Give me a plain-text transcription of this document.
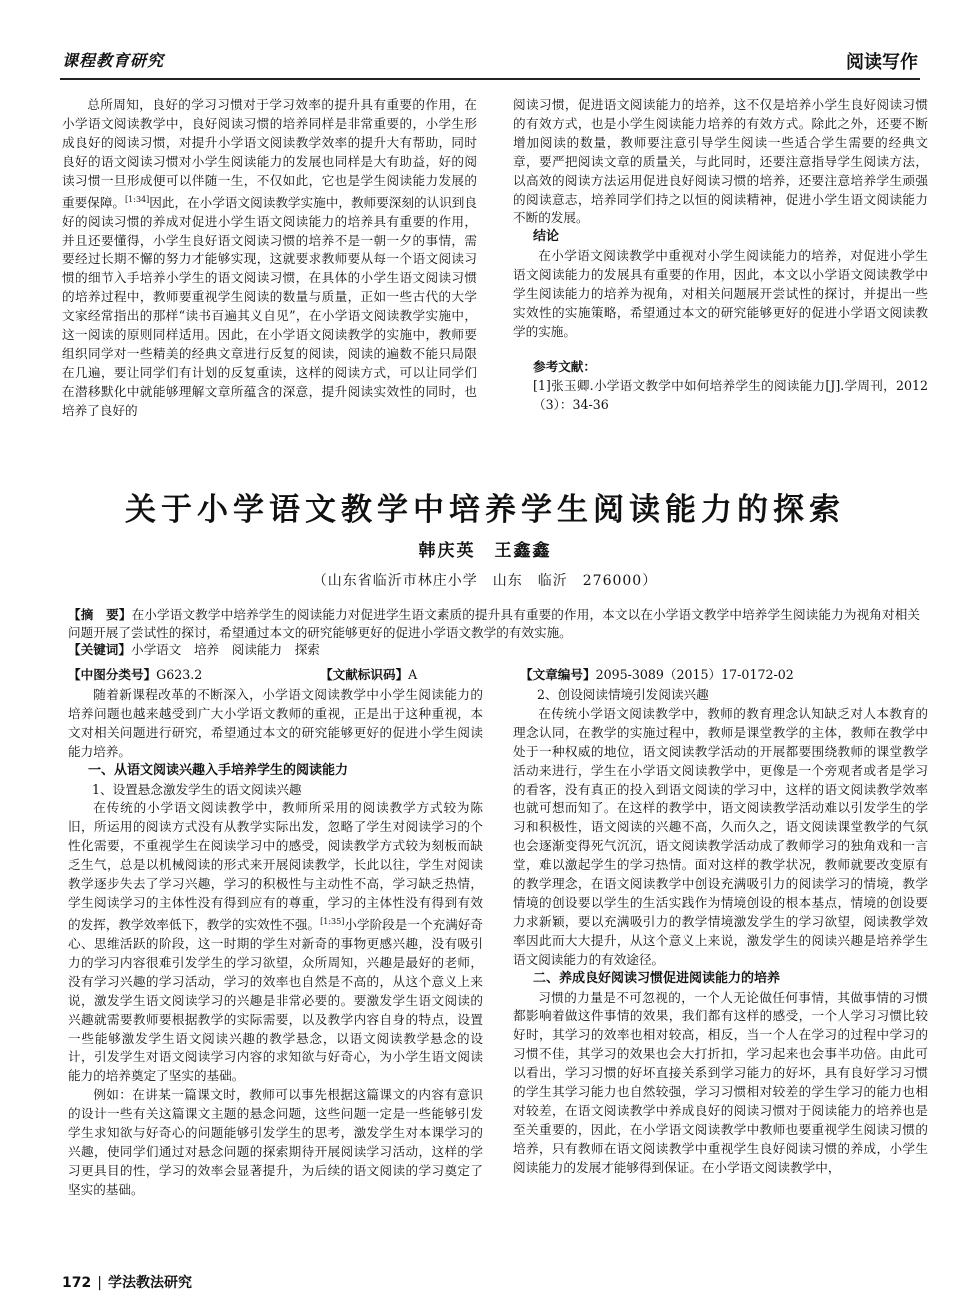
课程教育研究	阅读写作

总所周知，良好的学习习惯对于学习效率的提升具有重要的作用，在小学语文阅读教学中，良好阅读习惯的培养同样是非常重要的，小学生形成良好的阅读习惯，对提升小学语文阅读教学效率的提升大有帮助，同时良好的语文阅读习惯对小学生阅读能力的发展也同样是大有助益，好的阅读习惯一旦形成便可以伴随一生，不仅如此，它也是学生阅读能力发展的重要保障。[1:34]因此，在小学语文阅读教学实施中，教师要深刻的认识到良好的阅读习惯的养成对促进小学生语文阅读能力的培养具有重要的作用，并且还要懂得，小学生良好语文阅读习惯的培养不是一朝一夕的事情，需要经过长期不懈的努力才能够实现，这就要求教师要从每一个语文阅读习惯的细节入手培养小学生的语文阅读习惯，在具体的小学生语文阅读习惯的培养过程中，教师要重视学生阅读的数量与质量，正如一些古代的大学文家经常指出的那样“读书百遍其义自见”，在小学语文阅读教学实施中，这一阅读的原则同样适用。因此，在小学语文阅读教学的实施中，教师要组织同学对一些精美的经典文章进行反复的阅读，阅读的遍数不能只局限在几遍，要让同学们有计划的反复重读，这样的阅读方式，可以让同学们在潜移默化中就能够理解文章所蕴含的深意，提升阅读实效性的同时，也培养了良好的

阅读习惯，促进语文阅读能力的培养，这不仅是培养小学生良好阅读习惯的有效方式，也是小学生阅读能力培养的有效方式。除此之外，还要不断增加阅读的数量，教师要注意引导学生阅读一些适合学生需要的经典文章，要严把阅读文章的质量关，与此同时，还要注意指导学生阅读方法，以高效的阅读方法运用促进良好阅读习惯的培养，还要注意培养学生顽强的阅读意志，培养同学们持之以恒的阅读精神，促进小学生语文阅读能力不断的发展。

结论

在小学语文阅读教学中重视对小学生阅读能力的培养，对促进小学生语文阅读能力的发展具有重要的作用，因此，本文以小学语文阅读教学中学生阅读能力的培养为视角，对相关问题展开尝试性的探讨，并提出一些实效性的实施策略，希望通过本文的研究能够更好的促进小学语文阅读教学的实施。

参考文献：
[1]张玉卿.小学语文教学中如何培养学生的阅读能力[J].学周刊，2012（3）：34-36
关于小学语文教学中培养学生阅读能力的探索
韩庆英　王鑫鑫
（山东省临沂市林庄小学　山东　临沂　276000）

【摘　要】在小学语文教学中培养学生的阅读能力对促进学生语文素质的提升具有重要的作用，本文以在小学语文教学中培养学生阅读能力为视角对相关问题开展了尝试性的探讨，希望通过本文的研究能够更好的促进小学语文教学的有效实施。

【关键词】小学语文　培养　阅读能力　探索

【中图分类号】G623.2	【文献标识码】A	【文章编号】2095-3089（2015）17-0172-02

随着新课程改革的不断深入，小学语文阅读教学中小学生阅读能力的培养问题也越来越受到广大小学语文教师的重视，正是出于这种重视，本文对相关问题进行研究，希望通过本文的研究能够更好的促进小学生阅读能力培养。

一、从语文阅读兴趣入手培养学生的阅读能力

1、设置悬念激发学生的语文阅读兴趣

在传统的小学语文阅读教学中，教师所采用的阅读教学方式较为陈旧，所运用的阅读方式没有从教学实际出发，忽略了学生对阅读学习的个性化需要，不重视学生在阅读学习中的感受，阅读教学方式较为刻板而缺乏生气，总是以机械阅读的形式来开展阅读教学，长此以往，学生对阅读教学逐步失去了学习兴趣，学习的积极性与主动性不高，学习缺乏热情，学生阅读学习的主体性没有得到应有的尊重，学习的主体性没有得到有效的发挥，教学效率低下，教学的实效性不强。[1:35]小学阶段是一个充满好奇心、思维活跃的阶段，这一时期的学生对新奇的事物更感兴趣，没有吸引力的学习内容很难引发学生的学习欲望，众所周知，兴趣是最好的老师，没有学习兴趣的学习活动，学习的效率也自然是不高的，从这个意义上来说，激发学生语文阅读学习的兴趣是非常必要的。要激发学生语文阅读的兴趣就需要教师要根据教学的实际需要，以及教学内容自身的特点，设置一些能够激发学生语文阅读兴趣的教学悬念，以语文阅读教学悬念的设计，引发学生对语文阅读学习内容的求知欲与好奇心，为小学生语文阅读能力的培养奠定了坚实的基础。

例如：在讲某一篇课文时，教师可以事先根据这篇课文的内容有意识的设计一些有关这篇课文主题的悬念问题，这些问题一定是一些能够引发学生求知欲与好奇心的问题能够引发学生的思考，激发学生对本课学习的兴趣，使同学们通过对悬念问题的探索期待开展阅读学习活动，这样的学习更具目的性，学习的效率会显著提升，为后续的语文阅读的学习奠定了坚实的基础。

2、创设阅读情境引发阅读兴趣

在传统小学语文阅读教学中，教师的教育理念认知缺乏对人本教育的理念认同，在教学的实施过程中，教师是课堂教学的主体，教师在教学中处于一种权威的地位，语文阅读教学活动的开展都要围绕教师的课堂教学活动来进行，学生在小学语文阅读教学中，更像是一个旁观者或者是学习的看客，没有真正的投入到语文阅读的学习中，这样的语文阅读教学效率也就可想而知了。在这样的教学中，语文阅读教学活动难以引发学生的学习和积极性，语文阅读的兴趣不高，久而久之，语文阅读课堂教学的气氛也会逐渐变得死气沉沉，语文阅读教学活动成了教师学习的独角戏和一言堂，难以激起学生的学习热情。面对这样的教学状况，教师就要改变原有的教学理念，在语文阅读教学中创设充满吸引力的阅读学习的情境，教学情境的创设要以学生的生活实践作为情境创设的根本基点，情境的创设要力求新颖，要以充满吸引力的教学情境激发学生的学习欲望，阅读教学效率因此而大大提升，从这个意义上来说，激发学生的阅读兴趣是培养学生语文阅读能力的有效途径。

二、养成良好阅读习惯促进阅读能力的培养

习惯的力量是不可忽视的，一个人无论做任何事情，其做事情的习惯都影响着做这件事情的效果，我们都有这样的感受，一个人学习习惯比较好时，其学习的效率也相对较高，相反，当一个人在学习的过程中学习的习惯不佳，其学习的效果也会大打折扣，学习起来也会事半功倍。由此可以看出，学习习惯的好坏直接关系到学习能力的好坏，具有良好学习习惯的学生其学习能力也自然较强，学习习惯相对较差的学生学习的能力也相对较差，在语文阅读教学中养成良好的阅读习惯对于阅读能力的培养也是至关重要的，因此，在小学语文阅读教学中教师也要重视学生阅读习惯的培养，只有教师在语文阅读教学中重视学生良好阅读习惯的养成，小学生阅读能力的发展才能够得到保证。在小学语文阅读教学中，

172 | 学法教法研究
